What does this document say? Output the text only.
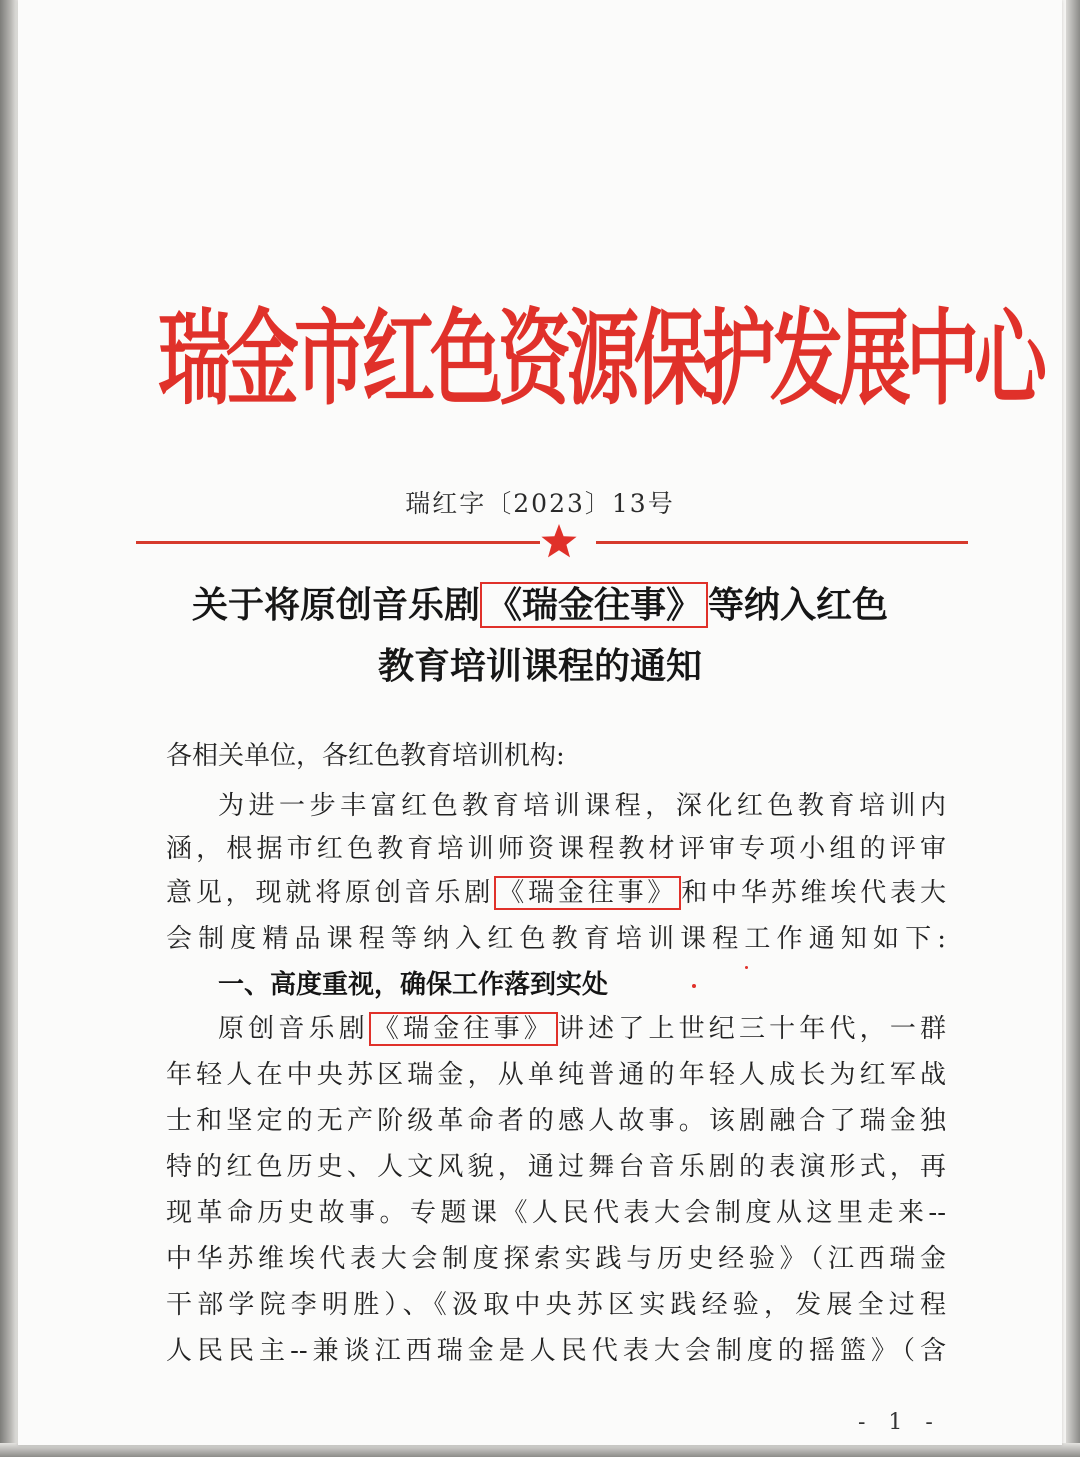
瑞金市红色资源保护发展中心
瑞红字〔2023〕13号
关于将原创音乐剧 《瑞金往事》 等纳入红色
教育培训课程的通知
各相关单位，各红色教育培训机构:
为进一步丰富红色教育培训课程，深化红色教育培训内
涵，根据市红色教育培训师资课程教材评审专项小组的评审
意见，现就将原创音乐剧 《瑞金往事》 和中华苏维埃代表大
会制度精品课程等纳入红色教育培训课程工作通知如下:
一、高度重视，确保工作落到实处
原创音乐剧 《瑞金往事》 讲述了上世纪三十年代，一群
年轻人在中央苏区瑞金，从单纯普通的年轻人成长为红军战
士和坚定的无产阶级革命者的感人故事。该剧融合了瑞金独
特的红色历史、人文风貌，通过舞台音乐剧的表演形式，再
现革命历史故事。专题课《人民代表大会制度从这里走来--
中华苏维埃代表大会制度探索实践与历史经验》（江西瑞金
干部学院李明胜）、《汲取中央苏区实践经验，发展全过程
人民民主--兼谈江西瑞金是人民代表大会制度的摇篮》（含
- 1 -
